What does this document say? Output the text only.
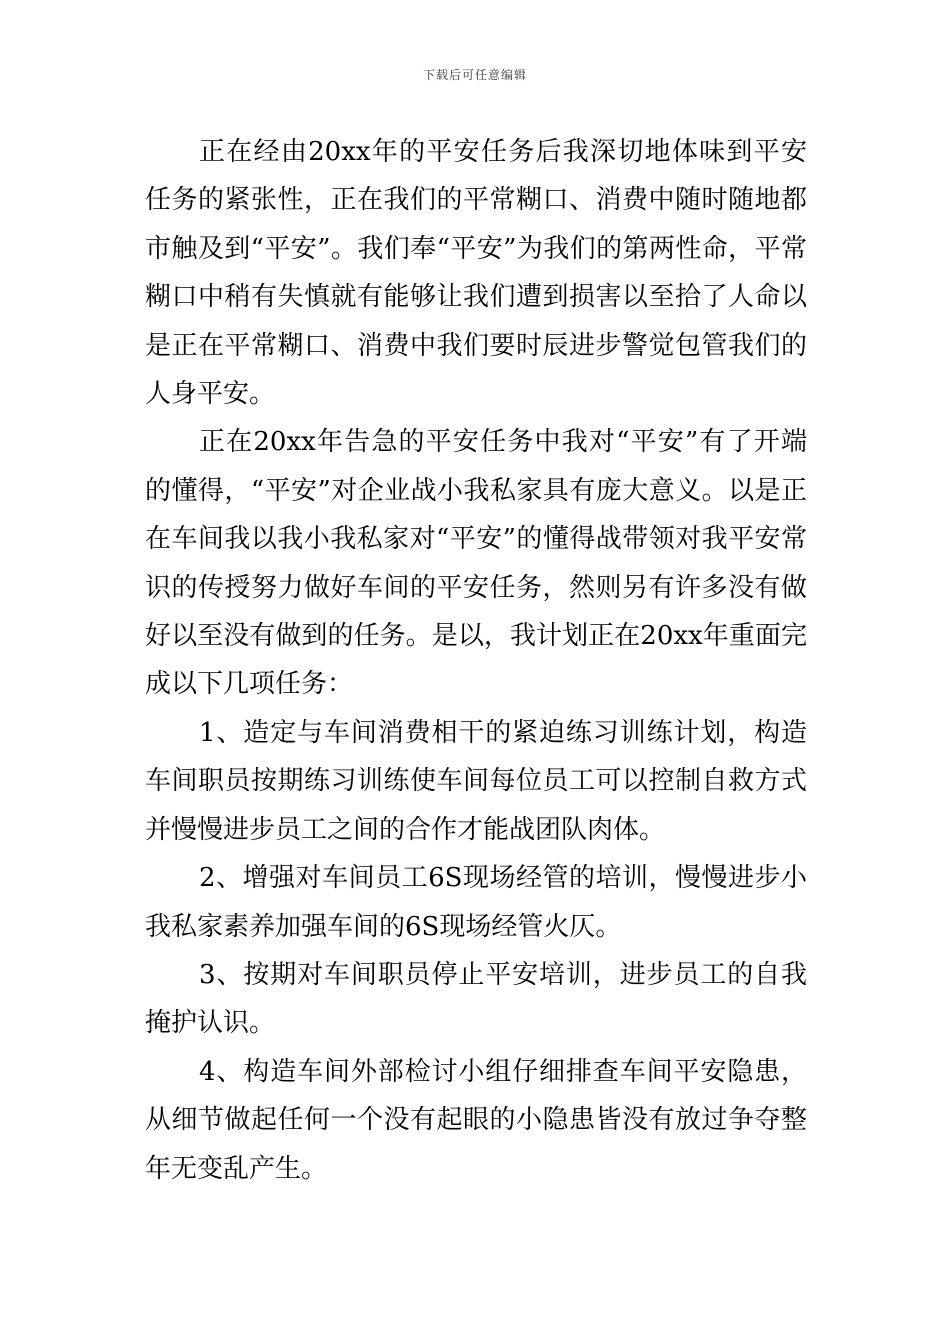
下载后可任意编辑

正在经由20xx年的平安任务后我深切地体味到平安任务的紧张性，正在我们的平常糊口、消费中随时随地都市触及到“平安”。我们奉“平安”为我们的第两性命，平常糊口中稍有失慎就有能够让我们遭到损害以至拾了人命以是正在平常糊口、消费中我们要时辰进步警觉包管我们的人身平安。

正在20xx年告急的平安任务中我对“平安”有了开端的懂得，“平安”对企业战小我私家具有庞大意义。以是正在车间我以我小我私家对“平安”的懂得战带领对我平安常识的传授努力做好车间的平安任务，然则另有许多没有做好以至没有做到的任务。是以，我计划正在20xx年重面完成以下几项任务：

1、造定与车间消费相干的紧迫练习训练计划，构造车间职员按期练习训练使车间每位员工可以控制自救方式并慢慢进步员工之间的合作才能战团队肉体。

2、增强对车间员工6S现场经管的培训，慢慢进步小我私家素养加强车间的6S现场经管火仄。

3、按期对车间职员停止平安培训，进步员工的自我掩护认识。

4、构造车间外部检讨小组仔细排查车间平安隐患，从细节做起任何一个没有起眼的小隐患皆没有放过争夺整年无变乱产生。
